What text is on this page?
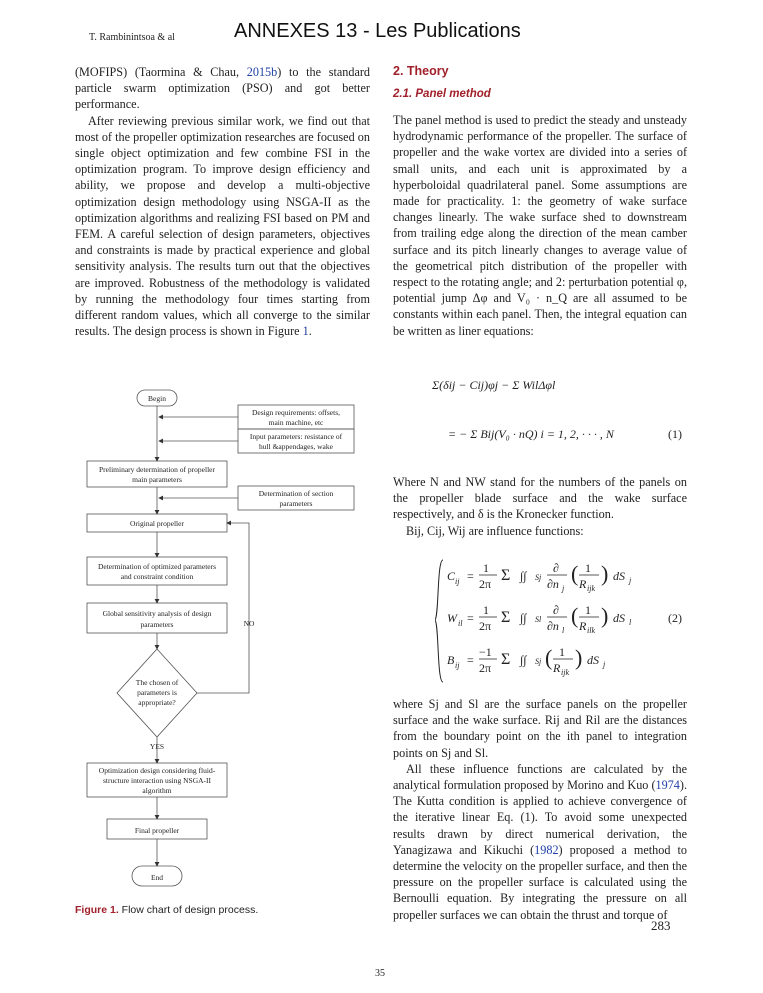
T. Rambinintsoa & al	ANNEXES 13 - Les Publications

(MOFIPS) (Taormina & Chau, 2015b) to the standard particle swarm optimization (PSO) and got better performance.

After reviewing previous similar work, we find out that most of the propeller optimization researches are focused on single object optimization and few combine FSI in the optimization program. To improve design efficiency and ability, we propose and develop a multi-objective optimization design methodology using NSGA-II as the optimization algorithms and realizing FSI based on PM and FEM. A careful selection of design parameters, objectives and constraints is made by practical experience and global sensitivity analysis. The results turn out that the objectives are improved. Robustness of the methodology is validated by running the methodology four times starting from different random values, which all converge to the similar results. The design process is shown in Figure 1.

Begin
Design requirements: offsets,
main machine, etc
Input parameters: resistance of
hull &appendages, wake
Preliminary determination of propeller
main parameters
Determination of section
parameters
Original propeller
Determination of optimized parameters
and constraint condition
Global sensitivity analysis of design
parameters	NO
The chosen of
parameters is
appropriate?
YES
Optimization design considering fluid-
structure interaction using NSGA-II
algorithm
Final propeller
End
Figure 1. Flow chart of design process.
2. Theory
2.1. Panel method
The panel method is used to predict the steady and unsteady hydrodynamic performance of the propeller. The surface of propeller and the wake vortex are divided into a series of small units, and each unit is approximated by a hyperboloidal quadrilateral panel. Some assumptions are made for practicality. 1: the geometry of wake surface changes linearly. The wake surface shed to downstream from trailing edge along the direction of the mean camber surface and its pitch linearly changes to average value of the geometrical pitch distribution of the propeller with respect to the rotating angle; and 2: perturbation potential φ, potential jump Δφ and V₀ · n_Q are all assumed to be constants within each panel. Then, the integral equation can be written as liner equations:
Σ(δij − Cij)φj − Σ WilΔφl
= − Σ Bij(V₀ · nQ) i = 1, 2, · · · , N	(1)

Where N and NW stand for the numbers of the panels on the propeller blade surface and the wake surface respectively, and δ is the Kronecker function.

Bij, Cij, Wij are influence functions:

C ij =
1
2π Σ ∫∫ Sj
∂
∂n j
( 1
R ijk
) dS j
W il =
1
2π Σ ∫∫ Sl
∂
∂n l
( 1
R ilk
) dS l
B ij =
−1
2π Σ ∫∫ Sj ( 1
R ijk
) dS j
(2)

where Sj and Sl are the surface panels on the propeller surface and the wake surface. Rij and Ril are the distances from the boundary point on the ith panel to integration points on Sj and Sl.

All these influence functions are calculated by the analytical formulation proposed by Morino and Kuo (1974). The Kutta condition is applied to achieve convergence of the iterative linear Eq. (1). To avoid some unexpected results drawn by direct numerical derivation, the Yanagizawa and Kikuchi (1982) proposed a method to determine the velocity on the propeller surface, and then the pressure on the propeller surface is calculated using the Bernoulli equation. By integrating the pressure on all propeller surfaces we can obtain the thrust and torque of

283
35
